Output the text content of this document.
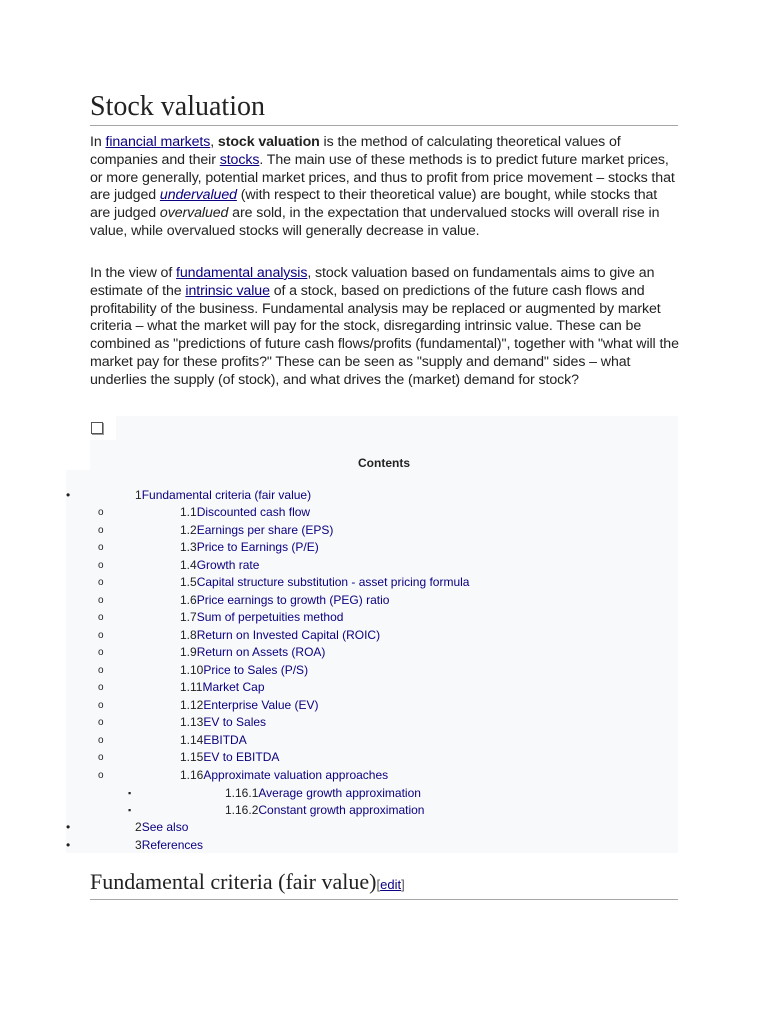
Stock valuation

In financial markets, stock valuation is the method of calculating theoretical values of companies and their stocks. The main use of these methods is to predict future market prices, or more generally, potential market prices, and thus to profit from price movement – stocks that are judged undervalued (with respect to their theoretical value) are bought, while stocks that are judged overvalued are sold, in the expectation that undervalued stocks will overall rise in value, while overvalued stocks will generally decrease in value.

In the view of fundamental analysis, stock valuation based on fundamentals aims to give an estimate of the intrinsic value of a stock, based on predictions of the future cash flows and profitability of the business. Fundamental analysis may be replaced or augmented by market criteria – what the market will pay for the stock, disregarding intrinsic value. These can be combined as "predictions of future cash flows/profits (fundamental)", together with "what will the market pay for these profits?" These can be seen as "supply and demand" sides – what underlies the supply (of stock), and what drives the (market) demand for stock?

Contents
•	1Fundamental criteria (fair value)
o	1.1Discounted cash flow
o	1.2Earnings per share (EPS)
o	1.3Price to Earnings (P/E)
o	1.4Growth rate
o	1.5Capital structure substitution - asset pricing formula
o	1.6Price earnings to growth (PEG) ratio
o	1.7Sum of perpetuities method
o	1.8Return on Invested Capital (ROIC)
o	1.9Return on Assets (ROA)
o	1.10Price to Sales (P/S)
o	1.11Market Cap
o	1.12Enterprise Value (EV)
o	1.13EV to Sales
o	1.14EBITDA
o	1.15EV to EBITDA
o	1.16Approximate valuation approaches
▪	1.16.1Average growth approximation
▪	1.16.2Constant growth approximation
•	2See also
•	3References
Fundamental criteria (fair value)[edit]
